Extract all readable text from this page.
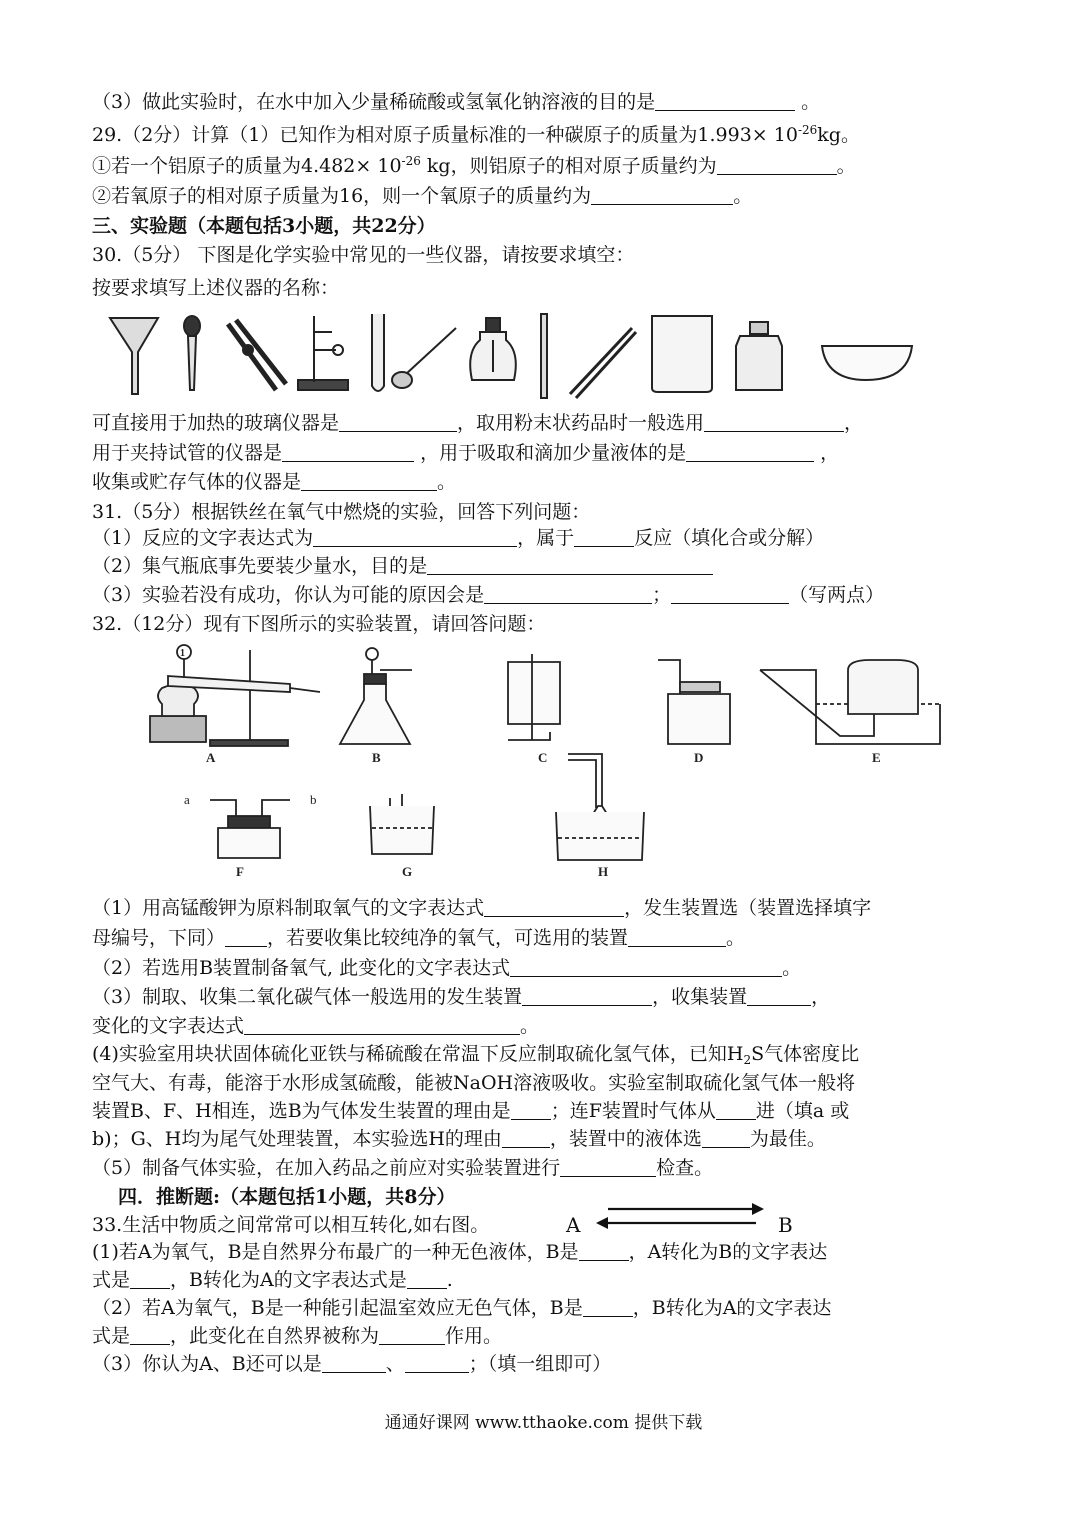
（3）做此实验时，在水中加入少量稀硫酸或氢氧化钠溶液的目的是	。
29.（2分）计算（1）已知作为相对原子质量标准的一种碳原子的质量为$1.993\times 10^{-26}kg$。
①若一个铝原子的质量为$4.482\times 10^{-26}$ kg，则铝原子的相对原子质量约为	。
②若氧原子的相对原子质量为16，则一个氧原子的质量约为	。
三、实验题（本题包括3小题，共22分）
30.（5分） 下图是化学实验中常见的一些仪器，请按要求填空：
按要求填写上述仪器的名称：
可直接用于加热的玻璃仪器是	，取用粉末状药品时一般选用	，
用于夹持试管的仪器是	，用于吸取和滴加少量液体的是	，
收集或贮存气体的仪器是	。
31.（5分）根据铁丝在氧气中燃烧的实验，回答下列问题：
（1）反应的文字表达式为	，属于	反应（填化合或分解）
（2）集气瓶底事先要装少量水，目的是
（3）实验若没有成功，你认为可能的原因会是	；	（写两点）
32.（12分）现有下图所示的实验装置，请回答问题：
1
A	B	C	D	E
a	b
F	G	H
（1）用高锰酸钾为原料制取氧气的文字表达式	，发生装置选（装置选择填字
母编号，下同） ，若要收集比较纯净的氧气，可选用的装置	。
（2）若选用B装置制备氧气, 此变化的文字表达式	。
（3）制取、收集二氧化碳气体一般选用的发生装置	，收集装置	，
变化的文字表达式	。
(4)实验室用块状固体硫化亚铁与稀硫酸在常温下反应制取硫化氢气体，已知$H_2S$气体密度比
空气大、有毒，能溶于水形成氢硫酸，能被NaOH溶液吸收。实验室制取硫化氢气体一般将
装置B、F、H相连，选B为气体发生装置的理由是 ；连F装置时气体从 进（填a 或
b)；G、H均为尾气处理装置，本实验选H的理由	，装置中的液体选	为最佳。
（5）制备气体实验，在加入药品之前应对实验装置进行	检查。
四．推断题:（本题包括1小题，共8分）
33.生活中物质之间常常可以相互转化,如右图。	A	B
(1)若A为氧气，B是自然界分布最广的一种无色液体，B是	，A转化为B的文字表达
式是 ，B转化为A的文字表达式是 .
（2）若A为氧气，B是一种能引起温室效应无色气体，B是	，B转化为A的文字表达
式是 ，此变化在自然界被称为	作用。
（3）你认为A、B还可以是	、	；（填一组即可）
通通好课网 www.tthaoke.com 提供下载
